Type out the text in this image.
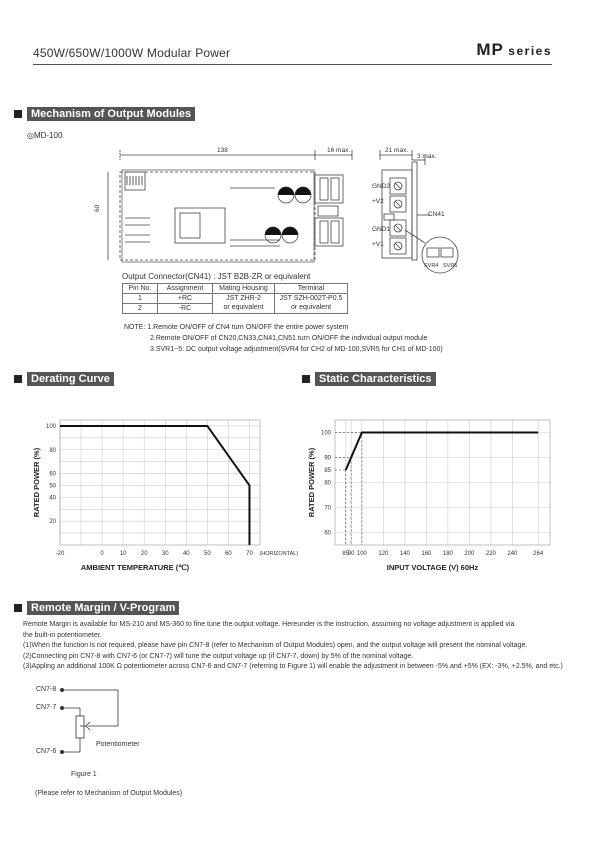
450W/650W/1000W Modular Power	MP series
Mechanism of Output Modules
◎MD-100
138	16 max.
60
21 max.
3 max.
GND2
+V2
CN41
GND1
+V1
SVR4 SVR5
Output Connector(CN41) : JST B2B-ZR or equivalent
Pin No.	Assignment	Mating Housing	Terminal
1	+RC	JST ZHR-2	JST SZH-002T-P0.5
2	-RC	or equivalent	or equivalent
NOTE: 1.Remote ON/OFF of CN4 turn ON/OFF the entire power system
2.Remote ON/OFF of CN20,CN33,CN41,CN51 turn ON/OFF the individual output module
3.SVR1~5: DC output voltage adjustment(SVR4 for CH2 of MD-100,SVR5 for CH1 of MD-100)
Derating Curve
-20	0	10 20 30 40 50 60 70 (HORIZONTAL)
100
80
60
50
40
20
AMBIENT TEMPERATURE (℃)
RATED POWER (%)
Static Characteristics
85
90 100 120 140 160 180 200 220 240	264
100
90
85
80
70
60
INPUT VOLTAGE (V) 60Hz
RATED POWER (%)
Remote Margin / V-Program
Remote Margin is available for MS-210 and MS-360 to fine tune the output voltage. Hereunder is the instruction, assuming no voltage adjustment is applied via
the built-in potentiometer.
(1)When the function is not required, please have pin CN7-8 (refer to Mechanism of Output Modules) open, and the output voltage will present the nominal voltage.
(2)Connecting pin CN7-8 with CN7-6 (or CN7-7) will tune the output voltage up (if CN7-7, down) by 5% of the nominal voltage.
(3)Appling an additional 100K Ω potentiometer across CN7-6 and CN7-7 (referring to Figure 1) will enable the adjustment in between -5% and +5% (EX: -3%, +2.5%, and etc.)
CN7-8
CN7-7
CN7-6
Potentiometer
Figure 1
(Please refer to Mechanism of Output Modules)
